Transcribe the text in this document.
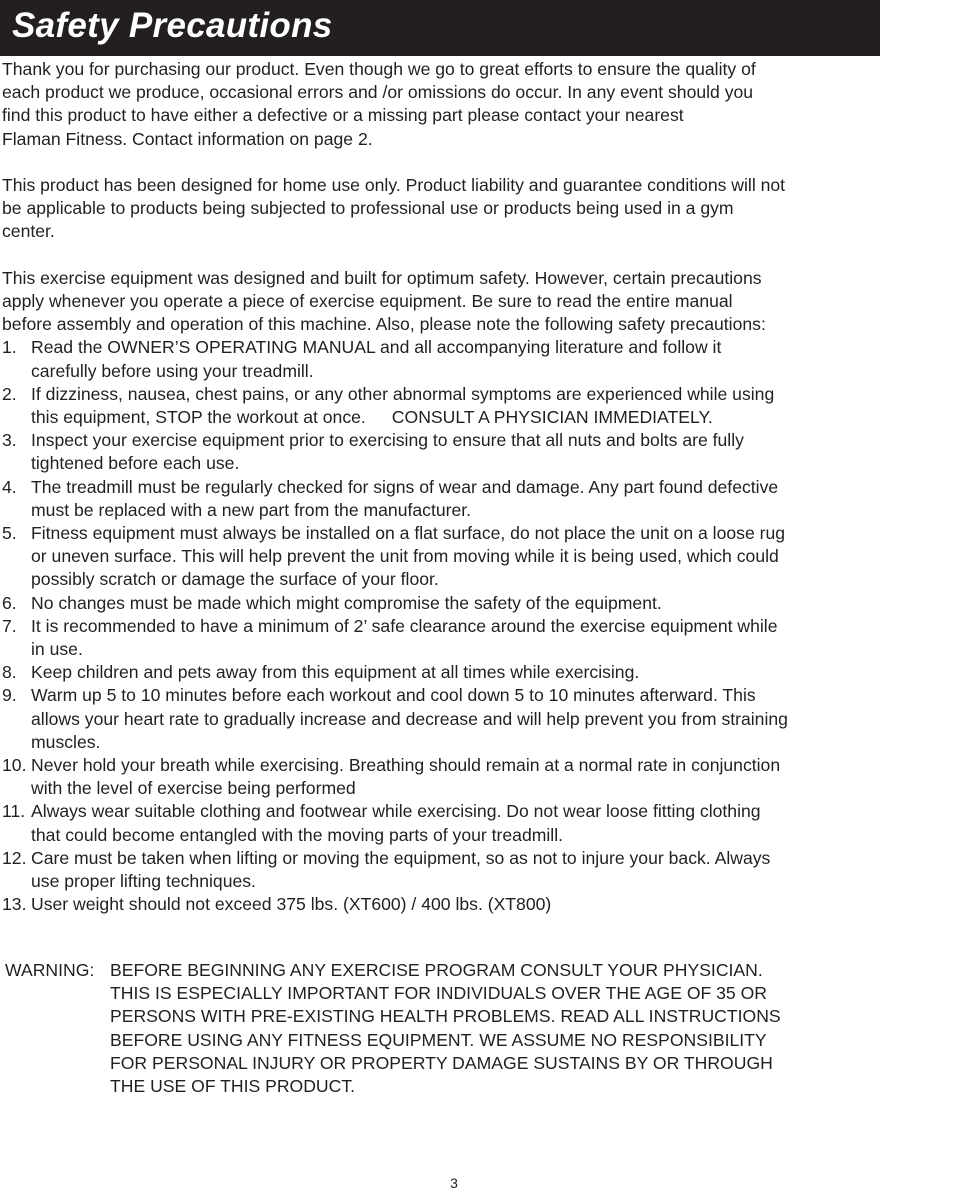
Safety Precautions
Thank you for purchasing our product. Even though we go to great efforts to ensure the quality of
each product we produce, occasional errors and /or omissions do occur. In any event should you
find this product to have either a defective or a missing part please contact your nearest
Flaman Fitness. Contact information on page 2.
This product has been designed for home use only. Product liability and guarantee conditions will not
be applicable to products being subjected to professional use or products being used in a gym
center.
This exercise equipment was designed and built for optimum safety. However, certain precautions
apply whenever you operate a piece of exercise equipment. Be sure to read the entire manual
before assembly and operation of this machine. Also, please note the following safety precautions:
1. Read the OWNER’S OPERATING MANUAL and all accompanying literature and follow it
carefully before using your treadmill.
2. If dizziness, nausea, chest pains, or any other abnormal symptoms are experienced while using
this equipment, STOP the workout at once. CONSULT A PHYSICIAN IMMEDIATELY.
3. Inspect your exercise equipment prior to exercising to ensure that all nuts and bolts are fully
tightened before each use.
4. The treadmill must be regularly checked for signs of wear and damage. Any part found defective
must be replaced with a new part from the manufacturer.
5. Fitness equipment must always be installed on a flat surface, do not place the unit on a loose rug
or uneven surface. This will help prevent the unit from moving while it is being used, which could
possibly scratch or damage the surface of your floor.
6. No changes must be made which might compromise the safety of the equipment.
7. It is recommended to have a minimum of 2’ safe clearance around the exercise equipment while
in use.
8. Keep children and pets away from this equipment at all times while exercising.
9. Warm up 5 to 10 minutes before each workout and cool down 5 to 10 minutes afterward. This
allows your heart rate to gradually increase and decrease and will help prevent you from straining
muscles.
10. Never hold your breath while exercising. Breathing should remain at a normal rate in conjunction
with the level of exercise being performed
11. Always wear suitable clothing and footwear while exercising. Do not wear loose fitting clothing
that could become entangled with the moving parts of your treadmill.
12. Care must be taken when lifting or moving the equipment, so as not to injure your back. Always
use proper lifting techniques.
13. User weight should not exceed 375 lbs. (XT600) / 400 lbs. (XT800)
WARNING: BEFORE BEGINNING ANY EXERCISE PROGRAM CONSULT YOUR PHYSICIAN.
THIS IS ESPECIALLY IMPORTANT FOR INDIVIDUALS OVER THE AGE OF 35 OR
PERSONS WITH PRE-EXISTING HEALTH PROBLEMS. READ ALL INSTRUCTIONS
BEFORE USING ANY FITNESS EQUIPMENT. WE ASSUME NO RESPONSIBILITY
FOR PERSONAL INJURY OR PROPERTY DAMAGE SUSTAINS BY OR THROUGH
THE USE OF THIS PRODUCT.
3
